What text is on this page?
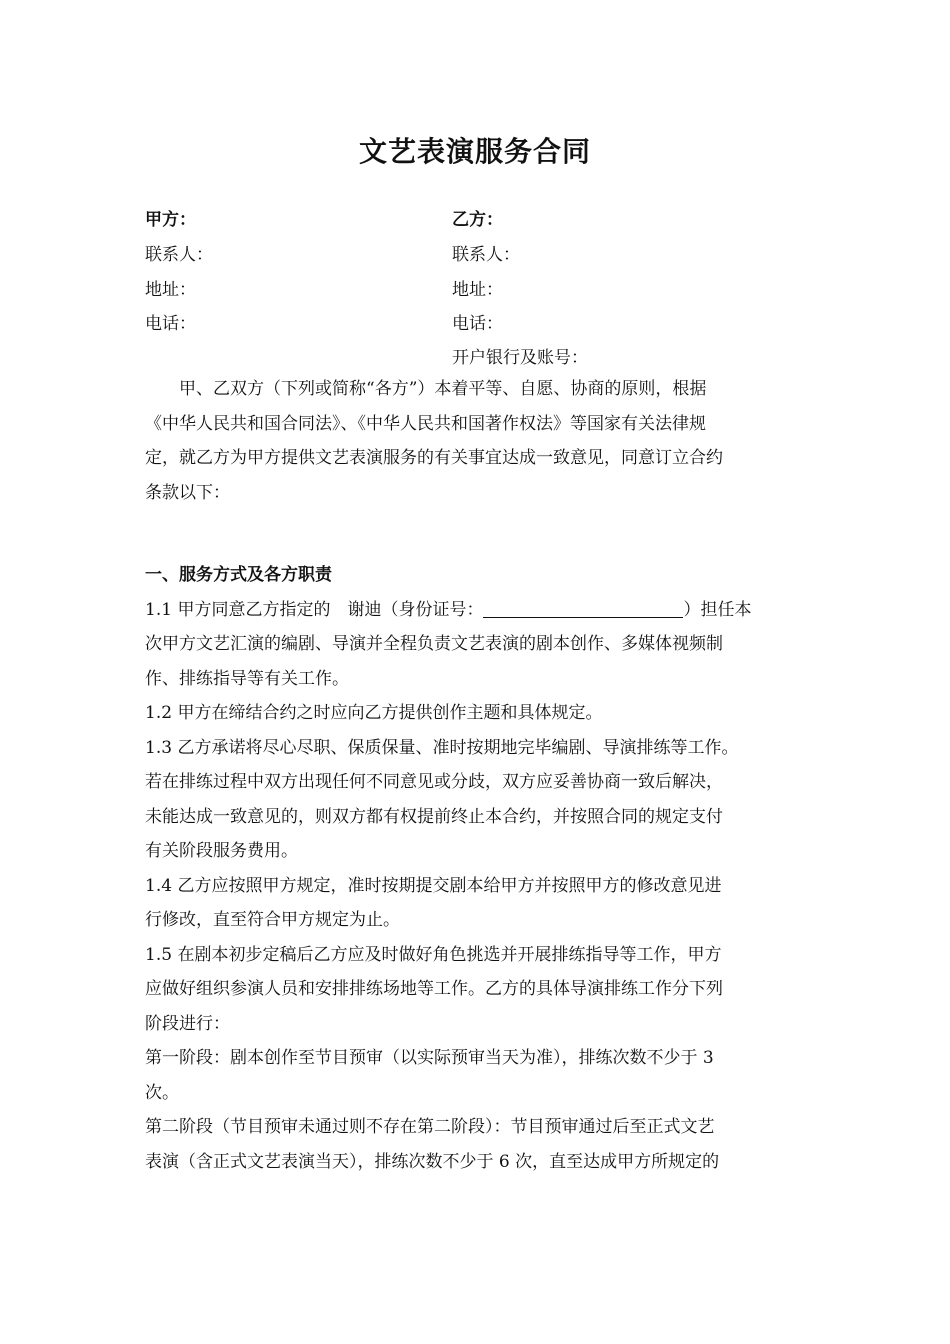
文艺表演服务合同
甲方：
联系人：
地址：
电话：
乙方：
联系人：
地址：
电话：
开户银行及账号：

甲、乙双方（下列或简称“各方”）本着平等、自愿、协商的原则，根据

《中华人民共和国合同法》、《中华人民共和国著作权法》等国家有关法律规

定，就乙方为甲方提供文艺表演服务的有关事宜达成一致意见，同意订立合约

条款以下：

一、服务方式及各方职责

1.1 甲方同意乙方指定的　谢迪（身份证号：	）担任本

次甲方文艺汇演的编剧、导演并全程负责文艺表演的剧本创作、多媒体视频制

作、排练指导等有关工作。

1.2 甲方在缔结合约之时应向乙方提供创作主题和具体规定。

1.3 乙方承诺将尽心尽职、保质保量、准时按期地完毕编剧、导演排练等工作。

若在排练过程中双方出现任何不同意见或分歧，双方应妥善协商一致后解决，

未能达成一致意见的，则双方都有权提前终止本合约，并按照合同的规定支付

有关阶段服务费用。

1.4 乙方应按照甲方规定，准时按期提交剧本给甲方并按照甲方的修改意见进

行修改，直至符合甲方规定为止。

1.5 在剧本初步定稿后乙方应及时做好角色挑选并开展排练指导等工作，甲方

应做好组织参演人员和安排排练场地等工作。乙方的具体导演排练工作分下列

阶段进行：

第一阶段：剧本创作至节目预审（以实际预审当天为准），排练次数不少于 3

次。

第二阶段（节目预审未通过则不存在第二阶段）：节目预审通过后至正式文艺

表演（含正式文艺表演当天），排练次数不少于 6 次，直至达成甲方所规定的
